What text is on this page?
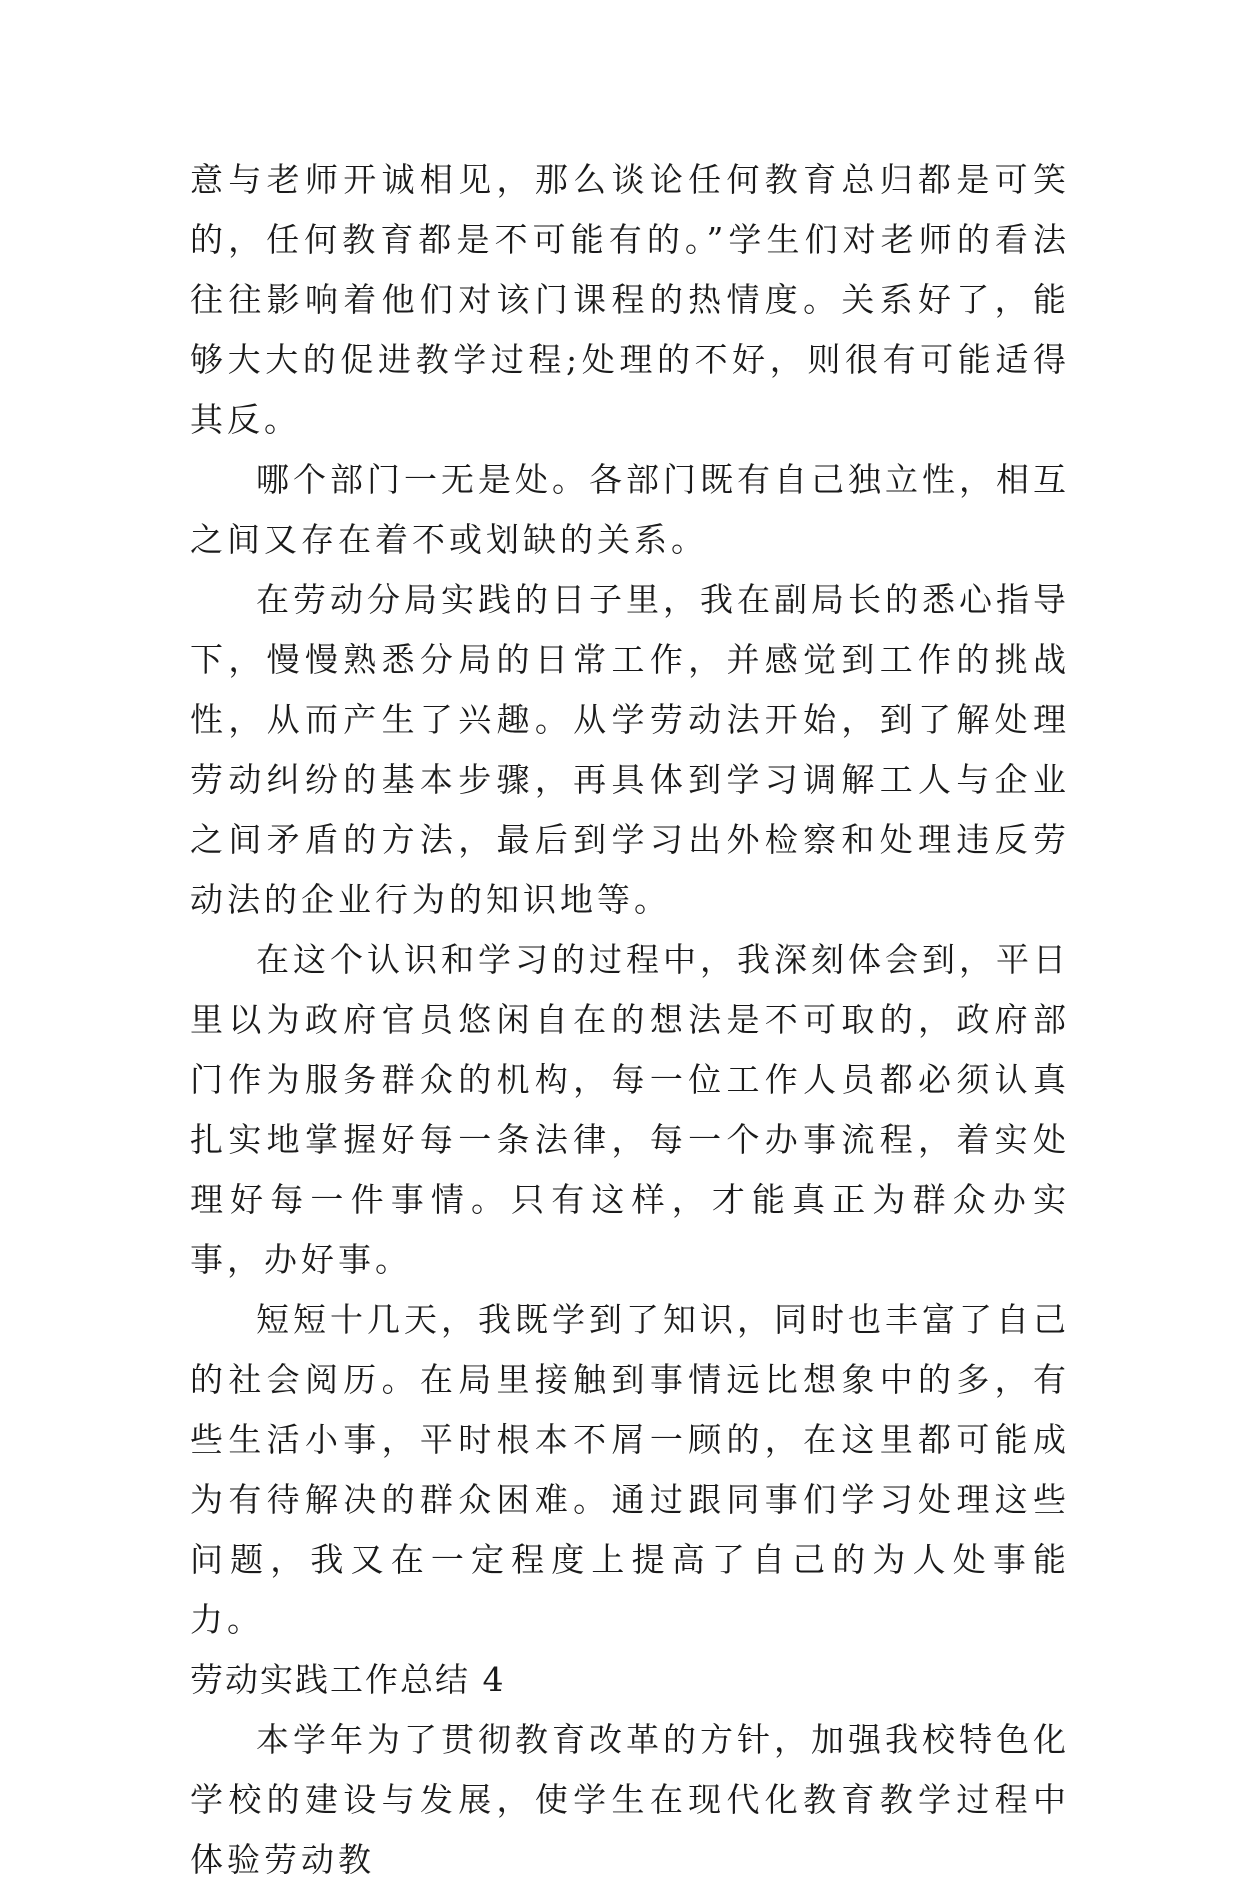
意与老师开诚相见，那么谈论任何教育总归都是可笑的，任何教育都是不可能有的。”学生们对老师的看法往往影响着他们对该门课程的热情度。关系好了，能够大大的促进教学过程;处理的不好，则很有可能适得其反。

哪个部门一无是处。各部门既有自己独立性，相互之间又存在着不或划缺的关系。

在劳动分局实践的日子里，我在副局长的悉心指导下，慢慢熟悉分局的日常工作，并感觉到工作的挑战性，从而产生了兴趣。从学劳动法开始，到了解处理劳动纠纷的基本步骤，再具体到学习调解工人与企业之间矛盾的方法，最后到学习出外检察和处理违反劳动法的企业行为的知识地等。

在这个认识和学习的过程中，我深刻体会到，平日里以为政府官员悠闲自在的想法是不可取的，政府部门作为服务群众的机构，每一位工作人员都必须认真扎实地掌握好每一条法律，每一个办事流程，着实处理好每一件事情。只有这样，才能真正为群众办实事，办好事。

短短十几天，我既学到了知识，同时也丰富了自己的社会阅历。在局里接触到事情远比想象中的多，有些生活小事，平时根本不屑一顾的，在这里都可能成为有待解决的群众困难。通过跟同事们学习处理这些问题，我又在一定程度上提高了自己的为人处事能力。

劳动实践工作总结 4

本学年为了贯彻教育改革的方针，加强我校特色化学校的建设与发展，使学生在现代化教育教学过程中体验劳动教
